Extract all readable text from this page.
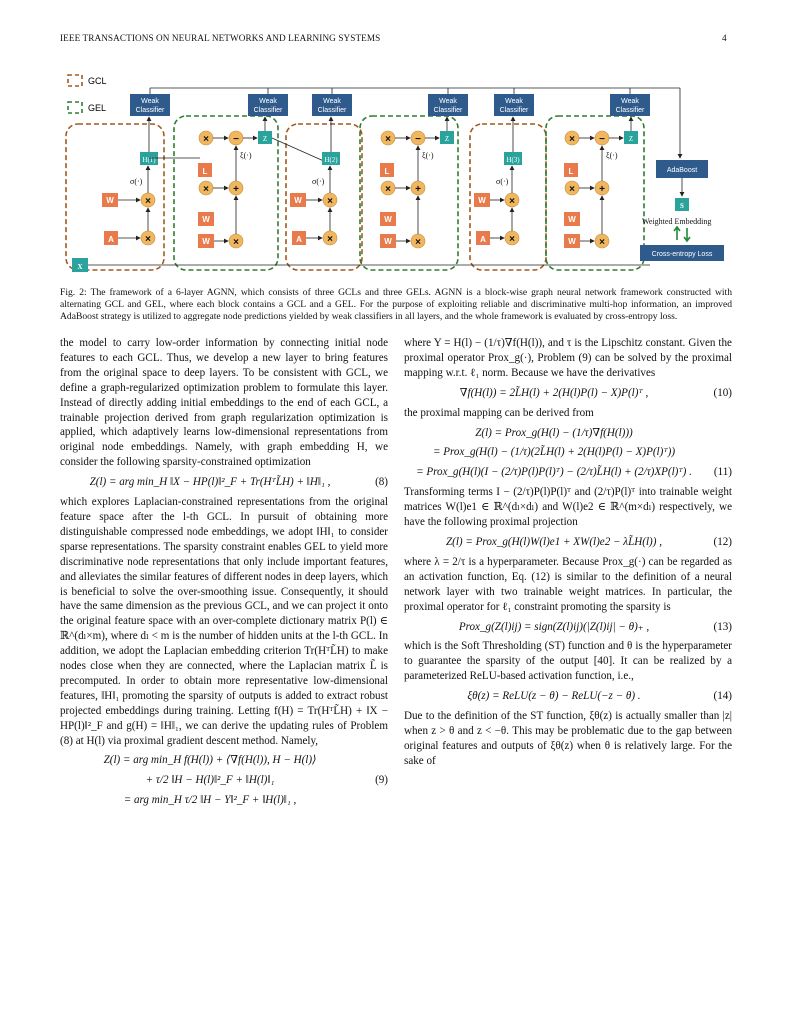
IEEE TRANSACTIONS ON NEURAL NETWORKS AND LEARNING SYSTEMS	4
GCL
GEL
Weak
Classifier
Weak
Classifier
Weak
Classifier
Weak
Classifier
Weak
Classifier
Weak
Classifier
H(1)
σ(·)
W	×
A	×
× −	Z
ξ(·)
L
× +
W
W ×
H(2)
σ(·)
W	×
A	×
× −	Z
ξ(·)
L
× +
W
W ×
H(3)
σ(·)
W ×
A ×
× −	Z
ξ(·)
L
× +
W
W ×
X
AdaBoost
S
Weighted Embedding
Cross-entropy Loss
Fig. 2: The framework of a 6-layer AGNN, which consists of three GCLs and three GELs. AGNN is a block-wise graph neural network framework constructed with alternating GCL and GEL, where each block contains a GCL and a GEL. For the purpose of exploiting reliable and discriminative multi-hop information, an improved AdaBoost strategy is utilized to aggregate node predictions yielded by weak classifiers in all layers, and the whole framework is evaluated by cross-entropy loss.

the model to carry low-order information by connecting initial node features to each GCL. Thus, we develop a new layer to bring features from the original space to deep layers. To be consistent with GCL, we define a graph-regularized optimization problem to formulate this layer. Instead of directly adding initial embeddings to the end of each GCL, a trainable projection derived from graph regularization optimization is applied, which adaptively learns low-dimensional representations from original node embeddings. Namely, with graph embedding H, we consider the following sparsity-constrained optimization

Z(l) = arg min_H ‖X − HP(l)‖²_F + Tr(HᵀL̃H) + ‖H‖₁ ,	(8)

which explores Laplacian-constrained representations from the original feature space after the l-th GCL. In pursuit of obtaining more distinguishable compressed node embeddings, we adopt ‖H‖₁ to consider sparse representations. The sparsity constraint enables GEL to yield more discriminative node representations that only include important features, and alleviates the similar features of different nodes in deep layers, which is beneficial to solve the over-smoothing issue. Consequently, it should have the same dimension as the previous GCL, and we can project it onto the original feature space with an over-complete dictionary matrix P(l) ∈ ℝ^(dₗ×m), where dₗ < m is the number of hidden units at the l-th GCL. In addition, we adopt the Laplacian embedding criterion Tr(HᵀL̃H) to make nodes close when they are connected, where the Laplacian matrix L̃ is precomputed. In order to obtain more representative low-dimensional features, ‖H‖₁ promoting the sparsity of outputs is added to extract robust projected embeddings during training. Letting f(H) = Tr(HᵀL̃H) + ‖X − HP(l)‖²_F and g(H) = ‖H‖₁, we can derive the updating rules of Problem (8) at H(l) via proximal gradient descent method. Namely,

Z(l) = arg min_H f(H(l)) + ⟨∇f(H(l)), H − H(l)⟩
+ τ/2 ‖H − H(l)‖²_F + ‖H(l)‖₁	(9)
= arg min_H τ/2 ‖H − Y‖²_F + ‖H(l)‖₁ ,

where Y = H(l) − (1/τ)∇f(H(l)), and τ is the Lipschitz constant. Given the proximal operator Prox_g(·), Problem (9) can be solved by the proximal mapping w.r.t. ℓ₁ norm. Because we have the derivatives

∇f(H(l)) = 2L̃H(l) + 2(H(l)P(l) − X)P(l)ᵀ ,	(10)

the proximal mapping can be derived from

Z(l) = Prox_g(H(l) − (1/τ)∇f(H(l)))
= Prox_g(H(l) − (1/τ)(2L̃H(l) + 2(H(l)P(l) − X)P(l)ᵀ))
= Prox_g(H(l)(I − (2/τ)P(l)P(l)ᵀ) − (2/τ)L̃H(l) + (2/τ)XP(l)ᵀ) .	(11)

Transforming terms I − (2/τ)P(l)P(l)ᵀ and (2/τ)P(l)ᵀ into trainable weight matrices W(l)e1 ∈ ℝ^(dₗ×dₗ) and W(l)e2 ∈ ℝ^(m×dₗ) respectively, we have the following proximal projection

Z(l) = Prox_g(H(l)W(l)e1 + XW(l)e2 − λL̃H(l)) ,	(12)

where λ = 2/τ is a hyperparameter. Because Prox_g(·) can be regarded as an activation function, Eq. (12) is similar to the definition of a neural network layer with two trainable weight matrices. In particular, the proximal operator for ℓ₁ constraint promoting the sparsity is

Prox_g(Z(l)ij) = sign(Z(l)ij)(|Z(l)ij| − θ)₊ ,	(13)

which is the Soft Thresholding (ST) function and θ is the hyperparameter to guarantee the sparsity of the output [40]. It can be realized by a parameterized ReLU-based activation function, i.e.,

ξθ(z) = ReLU(z − θ) − ReLU(−z − θ) .	(14)

Due to the definition of the ST function, ξθ(z) is actually smaller than |z| when z > θ and z < −θ. This may be problematic due to the gap between original features and outputs of ξθ(z) when θ is relatively large. For the sake of
